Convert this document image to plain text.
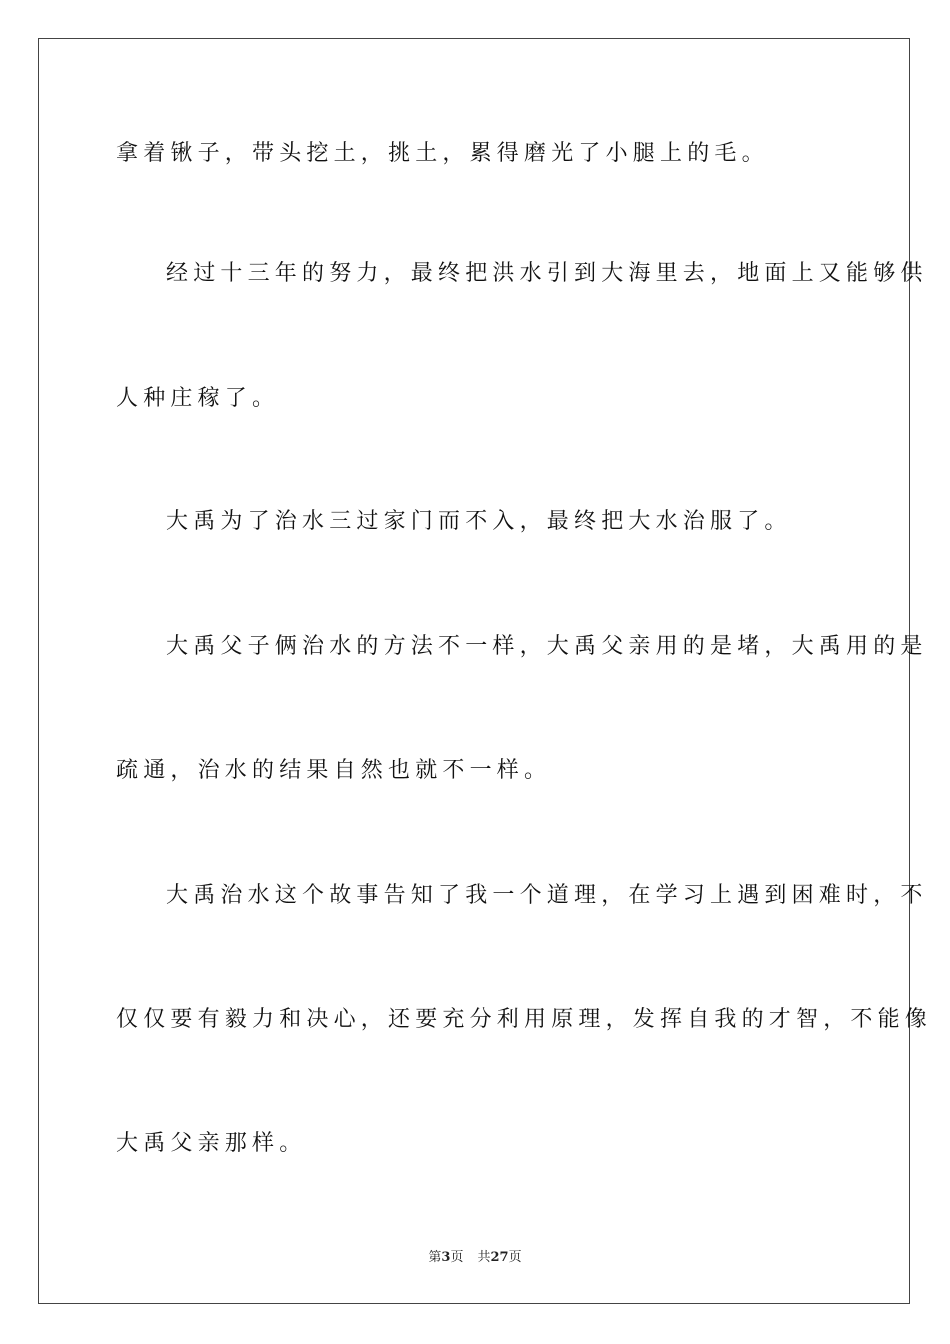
拿着锹子，带头挖土，挑土，累得磨光了小腿上的毛。
经过十三年的努力，最终把洪水引到大海里去，地面上又能够供
人种庄稼了。
大禹为了治水三过家门而不入，最终把大水治服了。
大禹父子俩治水的方法不一样，大禹父亲用的是堵，大禹用的是
疏通，治水的结果自然也就不一样。
大禹治水这个故事告知了我一个道理，在学习上遇到困难时，不
仅仅要有毅力和决心，还要充分利用原理，发挥自我的才智，不能像
大禹父亲那样。
第3页 共27页
